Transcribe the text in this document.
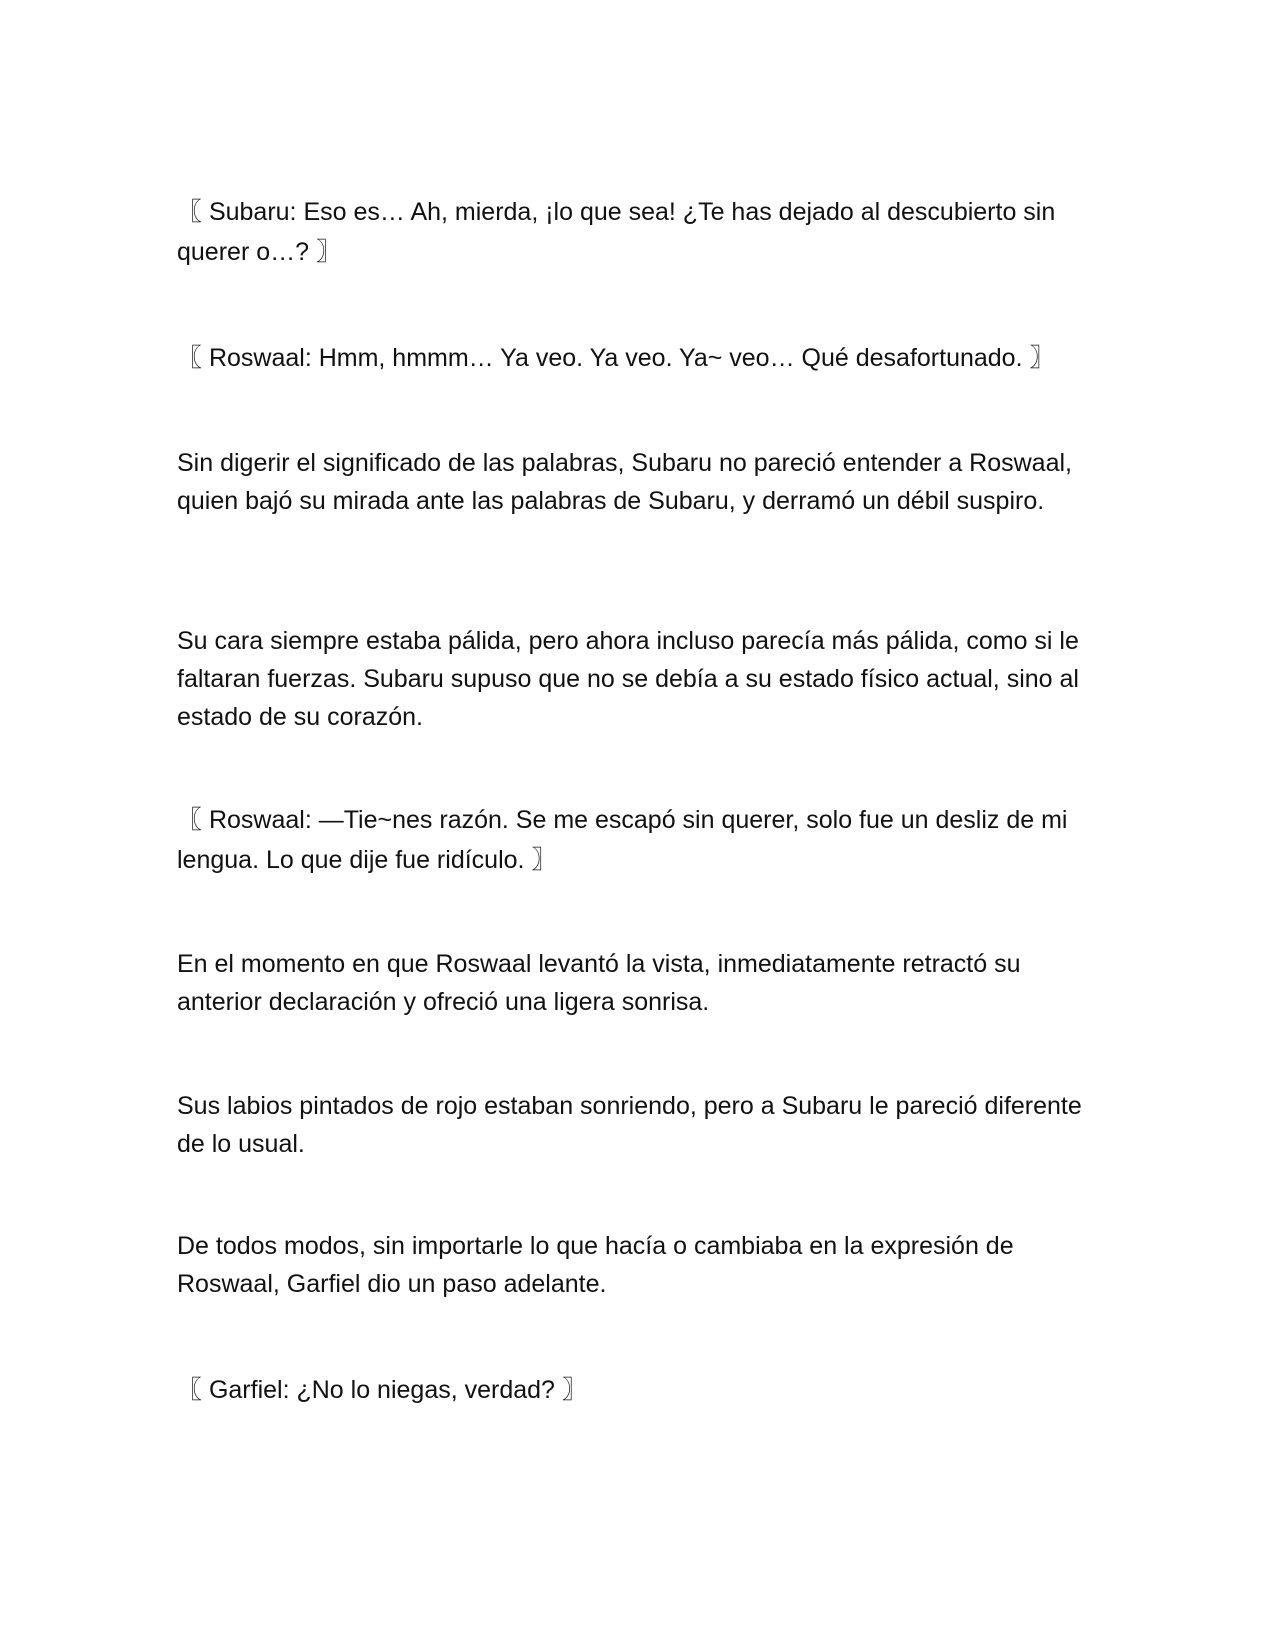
〖 Subaru: Eso es… Ah, mierda, ¡lo que sea! ¿Te has dejado al descubierto sin querer o…? 〗

〖 Roswaal: Hmm, hmmm… Ya veo. Ya veo. Ya~ veo… Qué desafortunado. 〗

Sin digerir el significado de las palabras, Subaru no pareció entender a Roswaal, quien bajó su mirada ante las palabras de Subaru, y derramó un débil suspiro.

Su cara siempre estaba pálida, pero ahora incluso parecía más pálida, como si le faltaran fuerzas. Subaru supuso que no se debía a su estado físico actual, sino al estado de su corazón.

〖 Roswaal: —Tie~nes razón. Se me escapó sin querer, solo fue un desliz de mi lengua. Lo que dije fue ridículo. 〗

En el momento en que Roswaal levantó la vista, inmediatamente retractó su anterior declaración y ofreció una ligera sonrisa.

Sus labios pintados de rojo estaban sonriendo, pero a Subaru le pareció diferente de lo usual.

De todos modos, sin importarle lo que hacía o cambiaba en la expresión de Roswaal, Garfiel dio un paso adelante.

〖 Garfiel: ¿No lo niegas, verdad? 〗
